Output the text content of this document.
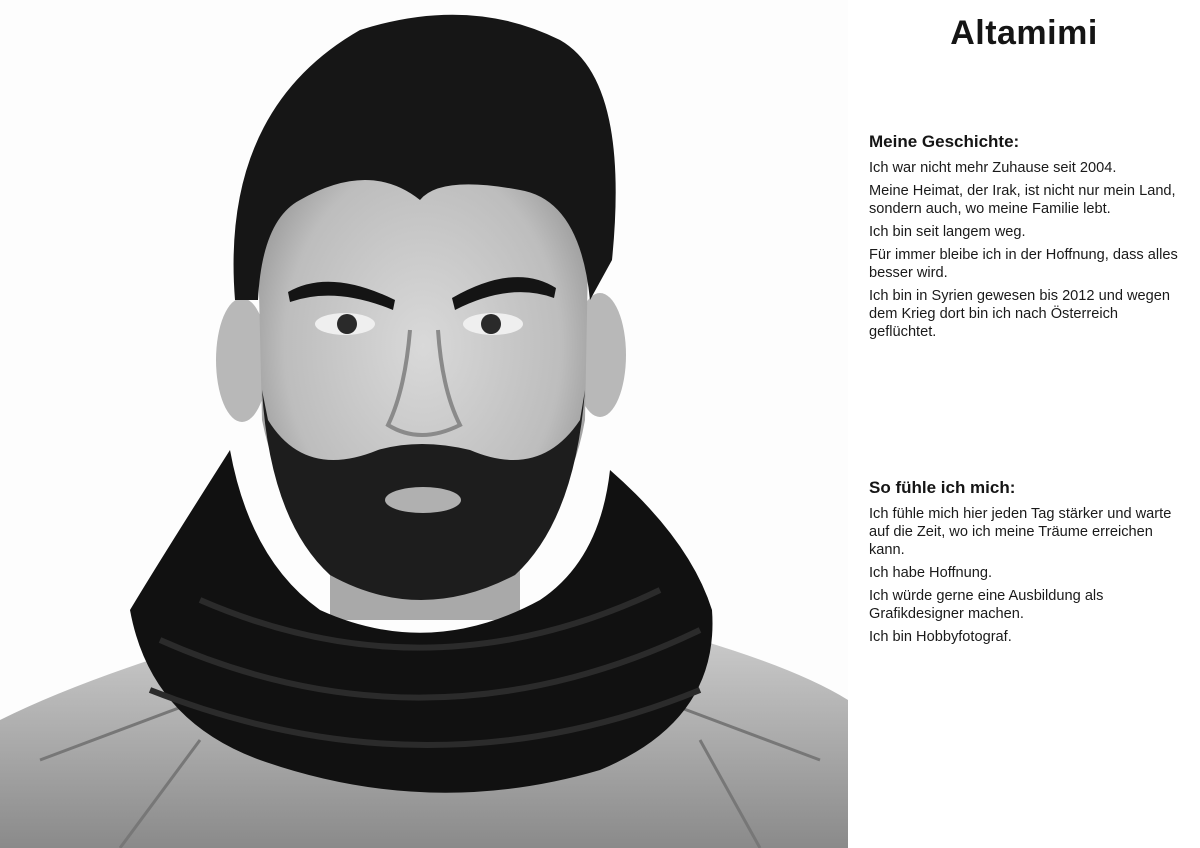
Altamimi
Meine Geschichte:

Ich war nicht mehr Zuhause seit 2004.

Meine Heimat, der Irak, ist nicht nur mein Land, sondern auch, wo meine Familie lebt.

Ich bin seit langem weg.

Für immer bleibe ich in der Hoffnung, dass alles besser wird.

Ich bin in Syrien gewesen bis 2012 und wegen dem Krieg dort bin ich nach Österreich geflüchtet.

So fühle ich mich:

Ich fühle mich hier jeden Tag stärker und warte auf die Zeit, wo ich meine Träume erreichen kann.

Ich habe Hoffnung.

Ich würde gerne eine Ausbildung als Grafikdesigner machen.

Ich bin Hobbyfotograf.
